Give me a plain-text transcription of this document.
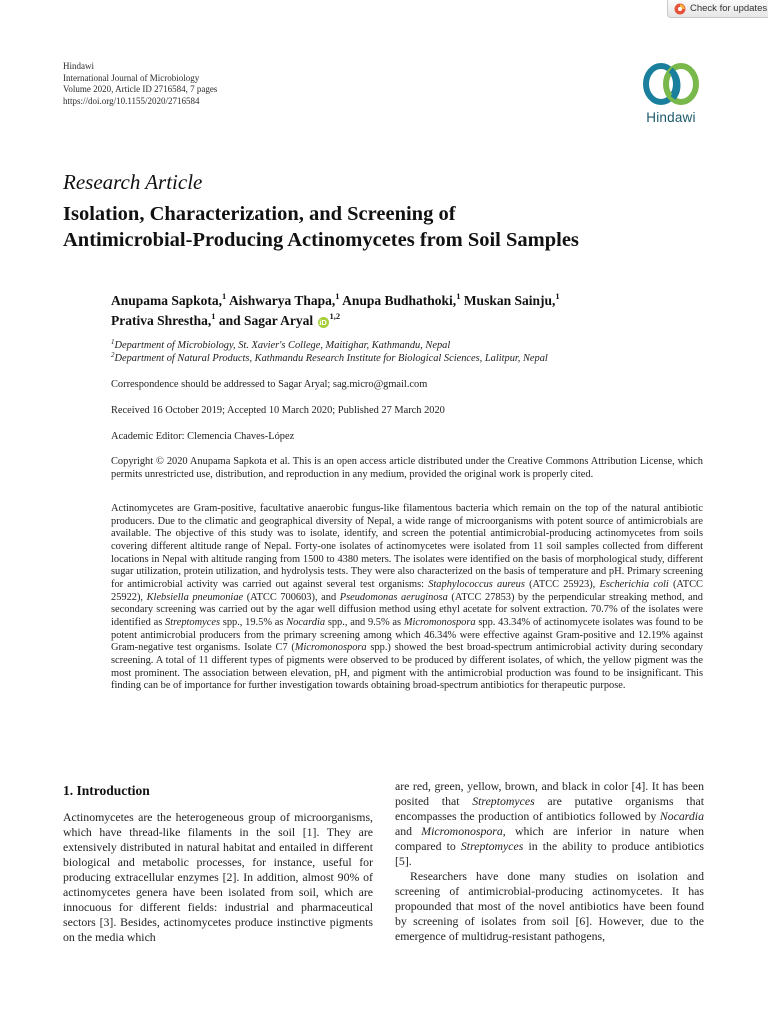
Check for updates
Hindawi
International Journal of Microbiology
Volume 2020, Article ID 2716584, 7 pages
https://doi.org/10.1155/2020/2716584
Hindawi
Research Article
Isolation, Characterization, and Screening of
Antimicrobial-Producing Actinomycetes from Soil Samples
Anupama Sapkota,$^1$ Aishwarya Thapa,$^1$ Anupa Budhathoki,$^1$ Muskan Sainju,$^1$
Prativa Shrestha,$^1$ and Sagar Aryal iD$^{1,2}$
$^1$Department of Microbiology, St. Xavier's College, Maitighar, Kathmandu, Nepal
$^2$Department of Natural Products, Kathmandu Research Institute for Biological Sciences, Lalitpur, Nepal
Correspondence should be addressed to Sagar Aryal; sag.micro@gmail.com
Received 16 October 2019; Accepted 10 March 2020; Published 27 March 2020
Academic Editor: Clemencia Chaves-López
Copyright © 2020 Anupama Sapkota et al. This is an open access article distributed under the Creative Commons Attribution License, which permits unrestricted use, distribution, and reproduction in any medium, provided the original work is properly cited.
Actinomycetes are Gram-positive, facultative anaerobic fungus-like filamentous bacteria which remain on the top of the natural antibiotic producers. Due to the climatic and geographical diversity of Nepal, a wide range of microorganisms with potent source of antimicrobials are available. The objective of this study was to isolate, identify, and screen the potential antimicrobial-producing actinomycetes from soils covering different altitude range of Nepal. Forty-one isolates of actinomycetes were isolated from 11 soil samples collected from different locations in Nepal with altitude ranging from 1500 to 4380 meters. The isolates were identified on the basis of morphological study, different sugar utilization, protein utilization, and hydrolysis tests. They were also characterized on the basis of temperature and pH. Primary screening for antimicrobial activity was carried out against several test organisms: Staphylococcus aureus (ATCC 25923), Escherichia coli (ATCC 25922), Klebsiella pneumoniae (ATCC 700603), and Pseudomonas aeruginosa (ATCC 27853) by the perpendicular streaking method, and secondary screening was carried out by the agar well diffusion method using ethyl acetate for solvent extraction. 70.7% of the isolates were identified as Streptomyces spp., 19.5% as Nocardia spp., and 9.5% as Micromonospora spp. 43.34% of actinomycete isolates was found to be potent antimicrobial producers from the primary screening among which 46.34% were effective against Gram-positive and 12.19% against Gram-negative test organisms. Isolate C7 (Micromonospora spp.) showed the best broad-spectrum antimicrobial activity during secondary screening. A total of 11 different types of pigments were observed to be produced by different isolates, of which, the yellow pigment was the most prominent. The association between elevation, pH, and pigment with the antimicrobial production was found to be insignificant. This finding can be of importance for further investigation towards obtaining broad-spectrum antibiotics for therapeutic purpose.
1. Introduction

Actinomycetes are the heterogeneous group of microorganisms, which have thread-like filaments in the soil [1]. They are extensively distributed in natural habitat and entailed in different biological and metabolic processes, for instance, useful for producing extracellular enzymes [2]. In addition, almost 90% of actinomycetes genera have been isolated from soil, which are innocuous for different fields: industrial and pharmaceutical sectors [3]. Besides, actinomycetes produce instinctive pigments on the media which

are red, green, yellow, brown, and black in color [4]. It has been posited that Streptomyces are putative organisms that encompasses the production of antibiotics followed by Nocardia and Micromonospora, which are inferior in nature when compared to Streptomyces in the ability to produce antibiotics [5].

Researchers have done many studies on isolation and screening of antimicrobial-producing actinomycetes. It has propounded that most of the novel antibiotics have been found by screening of isolates from soil [6]. However, due to the emergence of multidrug-resistant pathogens,
